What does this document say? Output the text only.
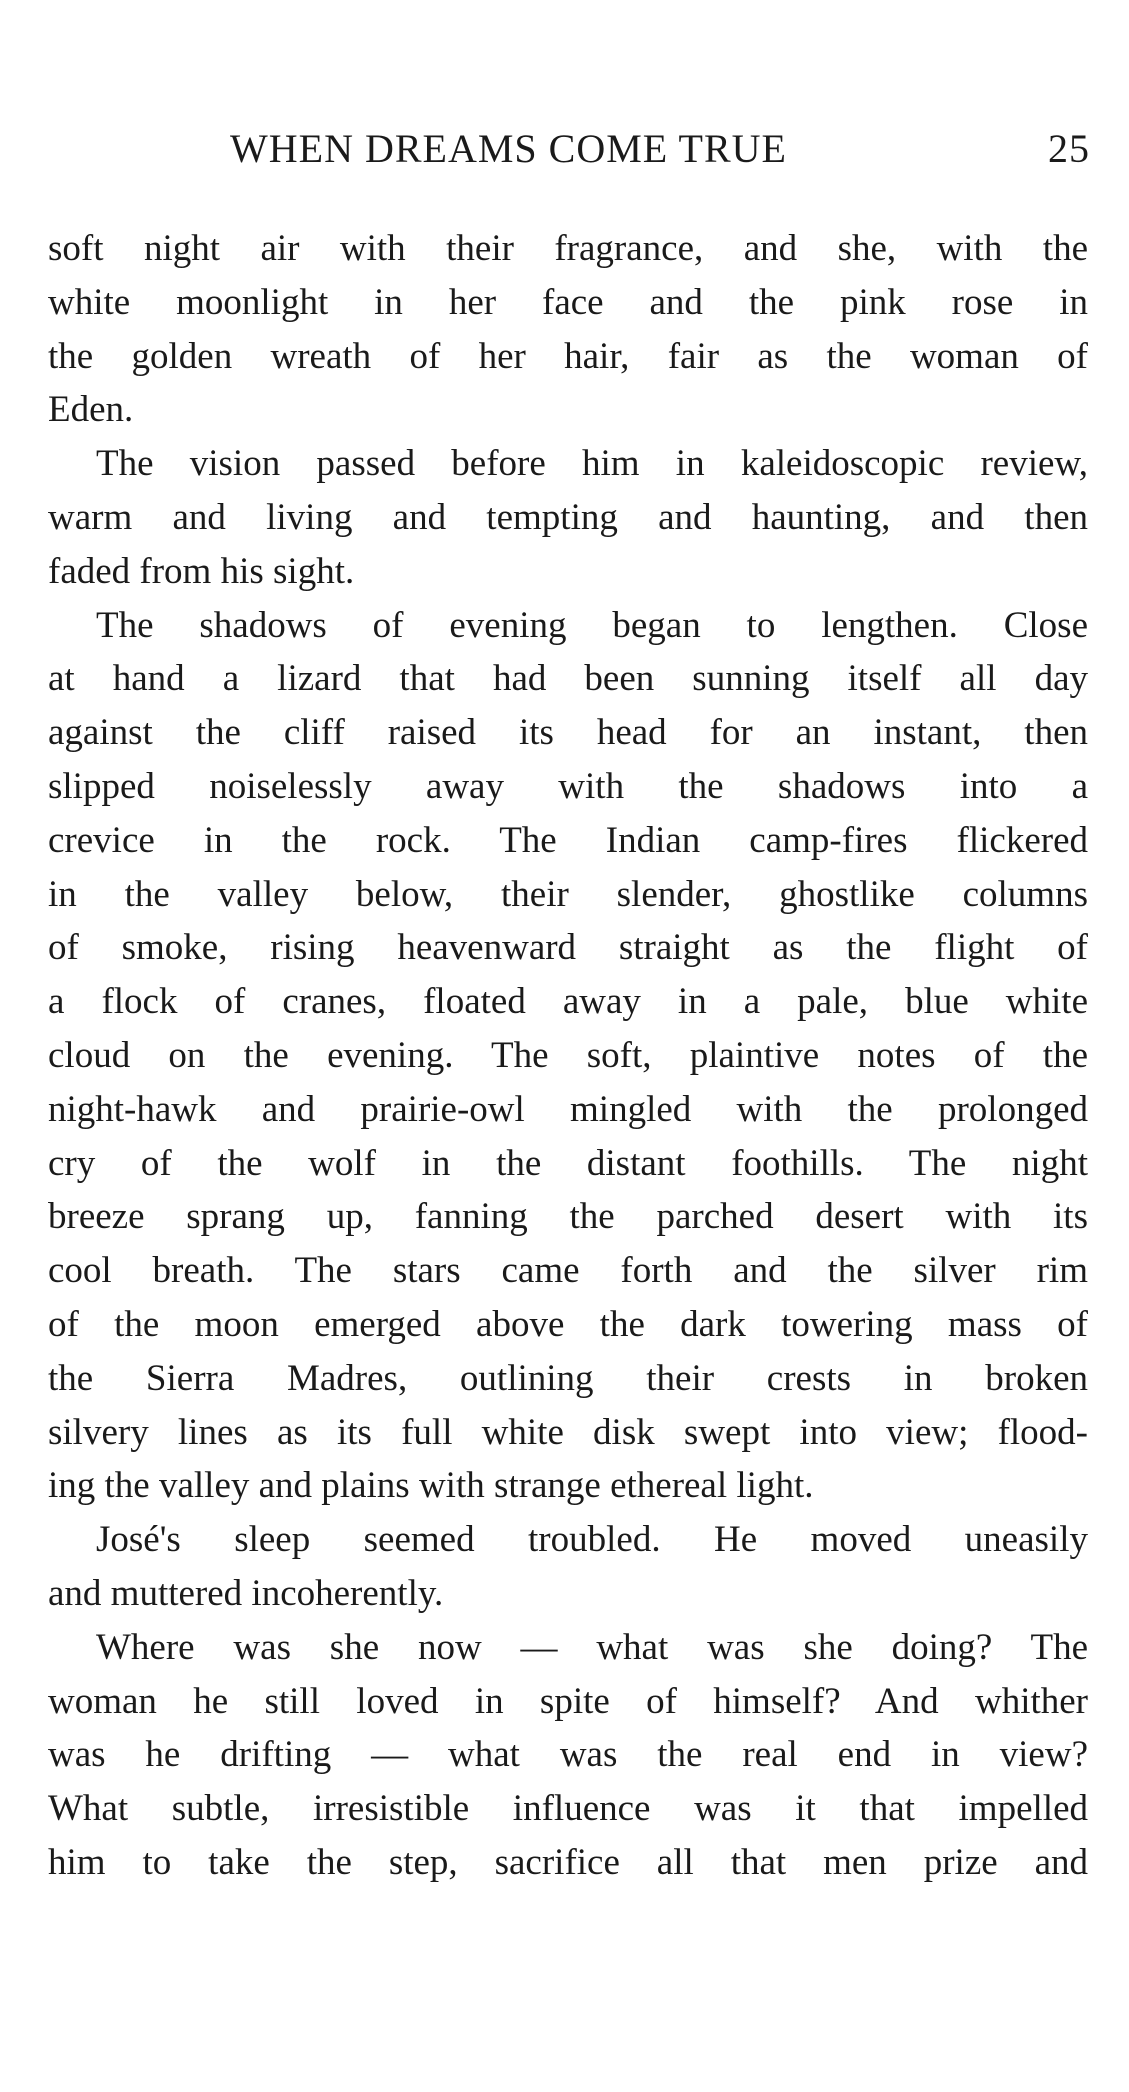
WHEN DREAMS COME TRUE	25
soft night air with their fragrance, and she, with the
white moonlight in her face and the pink rose in
the golden wreath of her hair, fair as the woman of
Eden.
The vision passed before him in kaleidoscopic review,
warm and living and tempting and haunting, and then
faded from his sight.
The shadows of evening began to lengthen. Close
at hand a lizard that had been sunning itself all day
against the cliff raised its head for an instant, then
slipped noiselessly away with the shadows into a
crevice in the rock. The Indian camp-fires flickered
in the valley below, their slender, ghostlike columns
of smoke, rising heavenward straight as the flight of
a flock of cranes, floated away in a pale, blue white
cloud on the evening. The soft, plaintive notes of the
night-hawk and prairie-owl mingled with the prolonged
cry of the wolf in the distant foothills. The night
breeze sprang up, fanning the parched desert with its
cool breath. The stars came forth and the silver rim
of the moon emerged above the dark towering mass of
the Sierra Madres, outlining their crests in broken
silvery lines as its full white disk swept into view; flood-
ing the valley and plains with strange ethereal light.
José's sleep seemed troubled. He moved uneasily
and muttered incoherently.
Where was she now — what was she doing? The
woman he still loved in spite of himself? And whither
was he drifting — what was the real end in view?
What subtle, irresistible influence was it that impelled
him to take the step, sacrifice all that men prize and
